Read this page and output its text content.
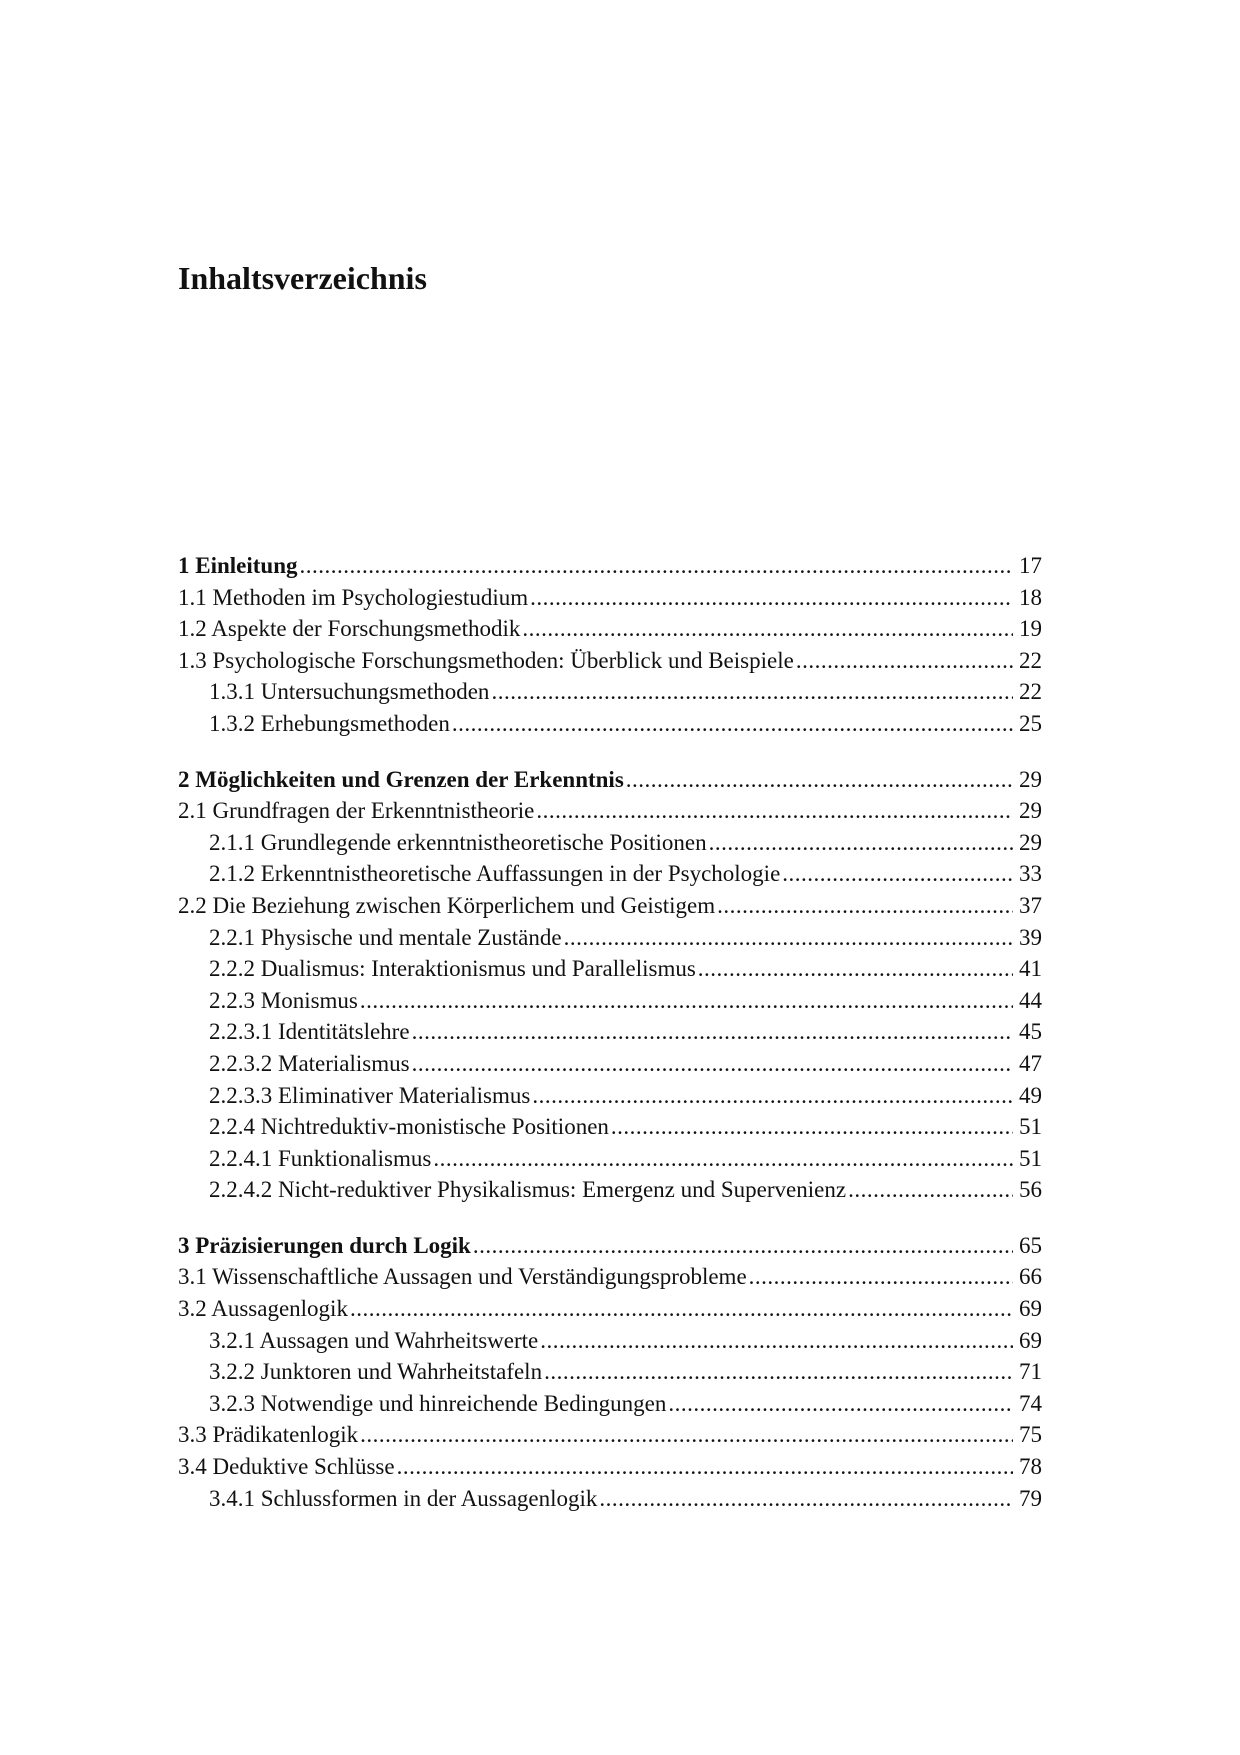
Inhaltsverzeichnis
1 Einleitung .....	17
1.1 Methoden im Psychologiestudium .....	18
1.2 Aspekte der Forschungsmethodik .....	19
1.3 Psychologische Forschungsmethoden: Überblick und Beispiele .....	22
1.3.1 Untersuchungsmethoden .....	22
1.3.2 Erhebungsmethoden .....	25
2 Möglichkeiten und Grenzen der Erkenntnis .....	29
2.1 Grundfragen der Erkenntnistheorie .....	29
2.1.1 Grundlegende erkenntnistheoretische Positionen .....	29
2.1.2 Erkenntnistheoretische Auffassungen in der Psychologie .....	33
2.2 Die Beziehung zwischen Körperlichem und Geistigem .....	37
2.2.1 Physische und mentale Zustände .....	39
2.2.2 Dualismus: Interaktionismus und Parallelismus .....	41
2.2.3 Monismus .....	44
2.2.3.1 Identitätslehre .....	45
2.2.3.2 Materialismus .....	47
2.2.3.3 Eliminativer Materialismus .....	49
2.2.4 Nichtreduktiv-monistische Positionen .....	51
2.2.4.1 Funktionalismus .....	51
2.2.4.2 Nicht-reduktiver Physikalismus: Emergenz und Supervenienz .....	56
3 Präzisierungen durch Logik .....	65
3.1 Wissenschaftliche Aussagen und Verständigungsprobleme .....	66
3.2 Aussagenlogik .....	69
3.2.1 Aussagen und Wahrheitswerte .....	69
3.2.2 Junktoren und Wahrheitstafeln .....	71
3.2.3 Notwendige und hinreichende Bedingungen .....	74
3.3 Prädikatenlogik .....	75
3.4 Deduktive Schlüsse .....	78
3.4.1 Schlussformen in der Aussagenlogik .....	79
